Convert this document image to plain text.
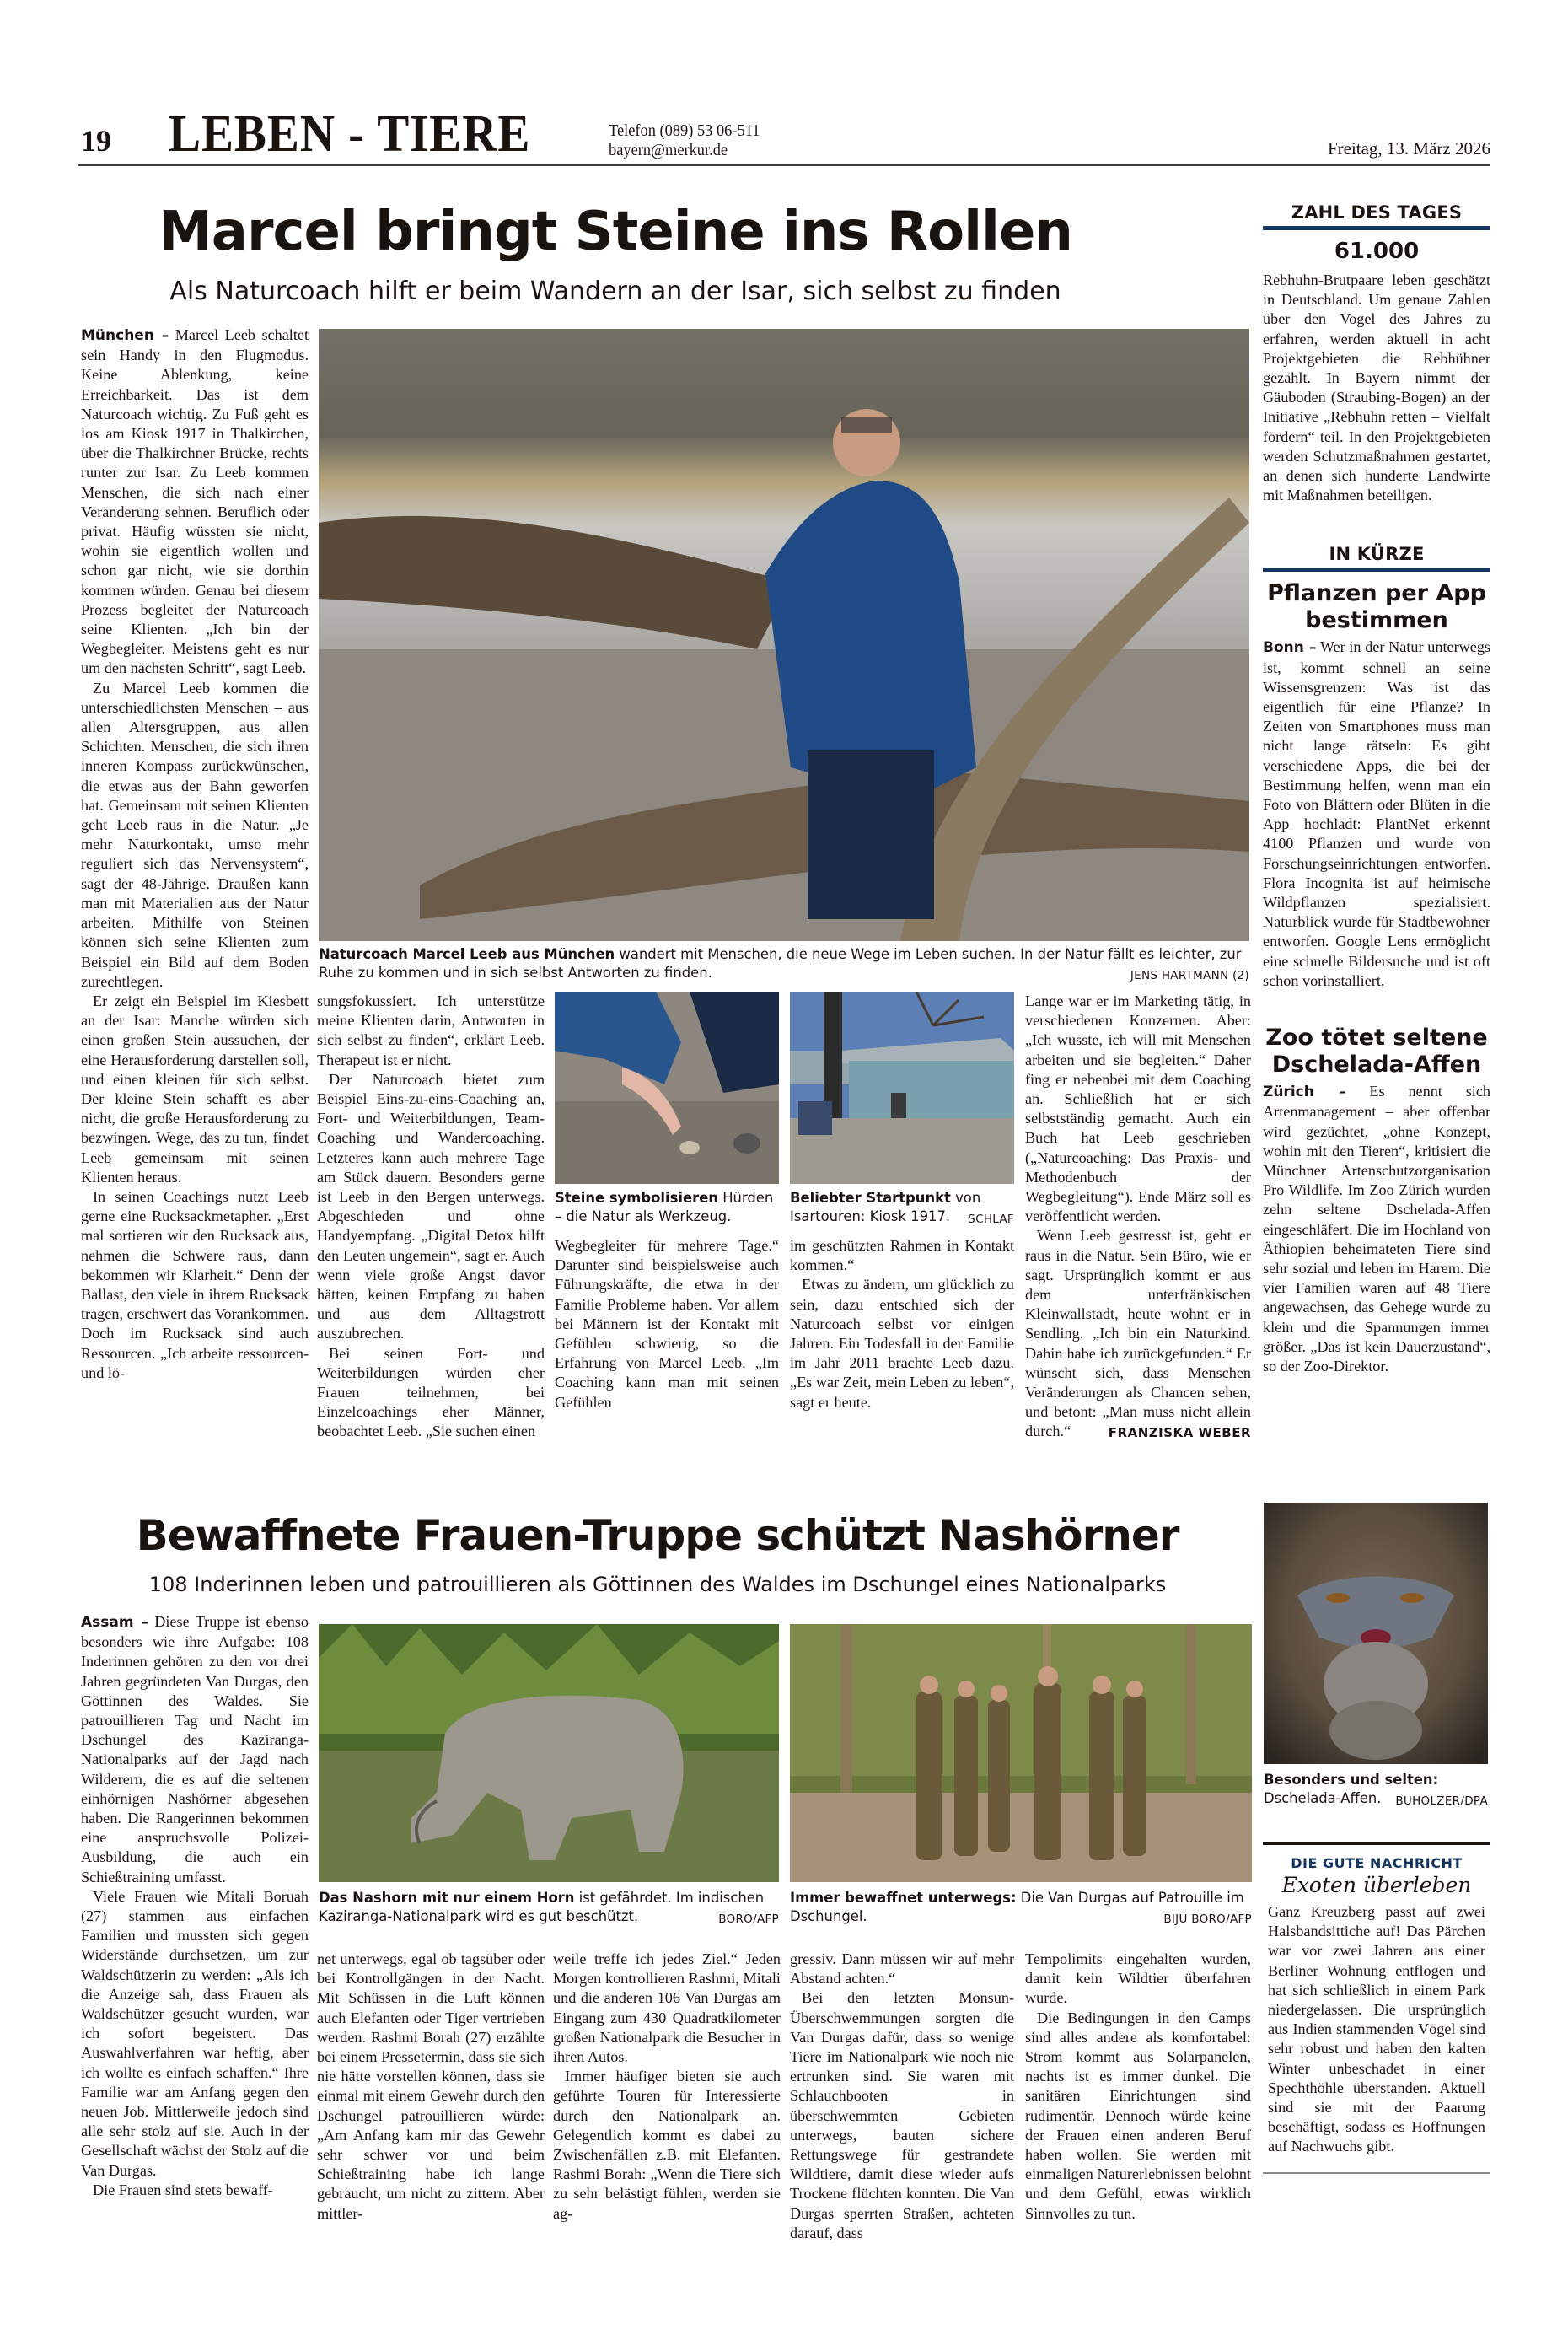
19 LEBEN - TIERE	Telefon (089) 53 06-511
bayern@merkur.de	Freitag, 13. März 2026
Marcel bringt Steine ins Rollen
Als Naturcoach hilft er beim Wandern an der Isar, sich selbst zu finden

München – Marcel Leeb schaltet sein Handy in den Flugmodus. Keine Ablenkung, keine Erreichbarkeit. Das ist dem Naturcoach wichtig. Zu Fuß geht es los am Kiosk 1917 in Thalkirchen, über die Thalkirchner Brücke, rechts runter zur Isar. Zu Leeb kommen Menschen, die sich nach einer Veränderung sehnen. Beruflich oder privat. Häufig wüssten sie nicht, wohin sie eigentlich wollen und schon gar nicht, wie sie dorthin kommen würden. Genau bei diesem Prozess begleitet der Naturcoach seine Klienten. „Ich bin der Wegbegleiter. Meistens geht es nur um den nächsten Schritt“, sagt Leeb.

Zu Marcel Leeb kommen die unterschiedlichsten Menschen – aus allen Altersgruppen, aus allen Schichten. Menschen, die sich ihren inneren Kompass zurückwünschen, die etwas aus der Bahn geworfen hat. Gemeinsam mit seinen Klienten geht Leeb raus in die Natur. „Je mehr Naturkontakt, umso mehr reguliert sich das Nervensystem“, sagt der 48-Jährige. Draußen kann man mit Materialien aus der Natur arbeiten. Mithilfe von Steinen können sich seine Klienten zum Beispiel ein Bild auf dem Boden zurechtlegen.

Er zeigt ein Beispiel im Kiesbett an der Isar: Manche würden sich einen großen Stein aussuchen, der eine Herausforderung darstellen soll, und einen kleinen für sich selbst. Der kleine Stein schafft es aber nicht, die große Herausforderung zu bezwingen. Wege, das zu tun, findet Leeb gemeinsam mit seinen Klienten heraus.

In seinen Coachings nutzt Leeb gerne eine Rucksackmetapher. „Erst mal sortieren wir den Rucksack aus, nehmen die Schwere raus, dann bekommen wir Klarheit.“ Denn der Ballast, den viele in ihrem Rucksack tragen, erschwert das Vorankommen. Doch im Rucksack sind auch Ressourcen. „Ich arbeite ressourcen- und lö-

Naturcoach Marcel Leeb aus München wandert mit Menschen, die neue Wege im Leben suchen. In der Natur fällt es leichter, zur Ruhe zu kommen und in sich selbst Antworten zu finden.	JENS HARTMANN (2)

sungsfokussiert. Ich unterstütze meine Klienten darin, Antworten in sich selbst zu finden“, erklärt Leeb. Therapeut ist er nicht.

Der Naturcoach bietet zum Beispiel Eins-zu-eins-Coaching an, Fort- und Weiterbildungen, Team-Coaching und Wandercoaching. Letzteres kann auch mehrere Tage am Stück dauern. Besonders gerne ist Leeb in den Bergen unterwegs. Abgeschieden und ohne Handyempfang. „Digital Detox hilft den Leuten ungemein“, sagt er. Auch wenn viele große Angst davor hätten, keinen Empfang zu haben und aus dem Alltagstrott auszubrechen.

Bei seinen Fort- und Weiterbildungen würden eher Frauen teilnehmen, bei Einzelcoachings eher Männer, beobachtet Leeb. „Sie suchen einen

Steine symbolisieren Hürden – die Natur als Werkzeug.

Wegbegleiter für mehrere Tage.“ Darunter sind beispielsweise auch Führungskräfte, die etwa in der Familie Probleme haben. Vor allem bei Männern ist der Kontakt mit Gefühlen schwierig, so die Erfahrung von Marcel Leeb. „Im Coaching kann man mit seinen Gefühlen

Beliebter Startpunkt von Isartouren: Kiosk 1917. SCHLAF

im geschützten Rahmen in Kontakt kommen.“

Etwas zu ändern, um glücklich zu sein, dazu entschied sich der Naturcoach selbst vor einigen Jahren. Ein Todesfall in der Familie im Jahr 2011 brachte Leeb dazu. „Es war Zeit, mein Leben zu leben“, sagt er heute.

Lange war er im Marketing tätig, in verschiedenen Konzernen. Aber: „Ich wusste, ich will mit Menschen arbeiten und sie begleiten.“ Daher fing er nebenbei mit dem Coaching an. Schließlich hat er sich selbstständig gemacht. Auch ein Buch hat Leeb geschrieben („Naturcoaching: Das Praxis- und Methodenbuch der Wegbegleitung“). Ende März soll es veröffentlicht werden.

Wenn Leeb gestresst ist, geht er raus in die Natur. Sein Büro, wie er sagt. Ursprünglich kommt er aus dem unterfränkischen Kleinwallstadt, heute wohnt er in Sendling. „Ich bin ein Naturkind. Dahin habe ich zurückgefunden.“ Er wünscht sich, dass Menschen Veränderungen als Chancen sehen, und betont: „Man muss nicht allein durch.“	FRANZISKA WEBER

Bewaffnete Frauen-Truppe schützt Nashörner
108 Inderinnen leben und patrouillieren als Göttinnen des Waldes im Dschungel eines Nationalparks

Assam – Diese Truppe ist ebenso besonders wie ihre Aufgabe: 108 Inderinnen gehören zu den vor drei Jahren gegründeten Van Durgas, den Göttinnen des Waldes. Sie patrouillieren Tag und Nacht im Dschungel des Kaziranga-Nationalparks auf der Jagd nach Wilderern, die es auf die seltenen einhörnigen Nashörner abgesehen haben. Die Rangerinnen bekommen eine anspruchsvolle Polizei-Ausbildung, die auch ein Schießtraining umfasst.

Viele Frauen wie Mitali Boruah (27) stammen aus einfachen Familien und mussten sich gegen Widerstände durchsetzen, um zur Waldschützerin zu werden: „Als ich die Anzeige sah, dass Frauen als Waldschützer gesucht wurden, war ich sofort begeistert. Das Auswahlverfahren war heftig, aber ich wollte es einfach schaffen.“ Ihre Familie war am Anfang gegen den neuen Job. Mittlerweile jedoch sind alle sehr stolz auf sie. Auch in der Gesellschaft wächst der Stolz auf die Van Durgas.

Die Frauen sind stets bewaff-

Das Nashorn mit nur einem Horn ist gefährdet. Im indischen Kaziranga-Nationalpark wird es gut beschützt.	BORO/AFP
Immer bewaffnet unterwegs: Die Van Durgas auf Patrouille im Dschungel.	BIJU BORO/AFP

net unterwegs, egal ob tagsüber oder bei Kontrollgängen in der Nacht. Mit Schüssen in die Luft können auch Elefanten oder Tiger vertrieben werden. Rashmi Borah (27) erzählte bei einem Pressetermin, dass sie sich nie hätte vorstellen können, dass sie einmal mit einem Gewehr durch den Dschungel patrouillieren würde: „Am Anfang kam mir das Gewehr sehr schwer vor und beim Schießtraining habe ich lange gebraucht, um nicht zu zittern. Aber mittler-

weile treffe ich jedes Ziel.“ Jeden Morgen kontrollieren Rashmi, Mitali und die anderen 106 Van Durgas am Eingang zum 430 Quadratkilometer großen Nationalpark die Besucher in ihren Autos.

Immer häufiger bieten sie auch geführte Touren für Interessierte durch den Nationalpark an. Gelegentlich kommt es dabei zu Zwischenfällen z.B. mit Elefanten. Rashmi Borah: „Wenn die Tiere sich zu sehr belästigt fühlen, werden sie ag-

gressiv. Dann müssen wir auf mehr Abstand achten.“

Bei den letzten Monsun-Überschwemmungen sorgten die Van Durgas dafür, dass so wenige Tiere im Nationalpark wie noch nie ertrunken sind. Sie waren mit Schlauchbooten in überschwemmten Gebieten unterwegs, bauten sichere Rettungswege für gestrandete Wildtiere, damit diese wieder aufs Trockene flüchten konnten. Die Van Durgas sperrten Straßen, achteten darauf, dass

Tempolimits eingehalten wurden, damit kein Wildtier überfahren wurde.

Die Bedingungen in den Camps sind alles andere als komfortabel: Strom kommt aus Solarpanelen, nachts ist es immer dunkel. Die sanitären Einrichtungen sind rudimentär. Dennoch würde keine der Frauen einen anderen Beruf haben wollen. Sie werden mit einmaligen Naturerlebnissen belohnt und dem Gefühl, etwas wirklich Sinnvolles zu tun.

ZAHL DES TAGES
61.000
Rebhuhn-Brutpaare leben geschätzt in Deutschland. Um genaue Zahlen über den Vogel des Jahres zu erfahren, werden aktuell in acht Projektgebieten die Rebhühner gezählt. In Bayern nimmt der Gäuboden (Straubing-Bogen) an der Initiative „Rebhuhn retten – Vielfalt fördern“ teil. In den Projektgebieten werden Schutzmaßnahmen gestartet, an denen sich hunderte Landwirte mit Maßnahmen beteiligen.
IN KÜRZE
Pflanzen per App bestimmen
Bonn – Wer in der Natur unterwegs ist, kommt schnell an seine Wissensgrenzen: Was ist das eigentlich für eine Pflanze? In Zeiten von Smartphones muss man nicht lange rätseln: Es gibt verschiedene Apps, die bei der Bestimmung helfen, wenn man ein Foto von Blättern oder Blüten in die App hochlädt: PlantNet erkennt 4100 Pflanzen und wurde von Forschungseinrichtungen entworfen. Flora Incognita ist auf heimische Wildpflanzen spezialisiert. Naturblick wurde für Stadtbewohner entworfen. Google Lens ermöglicht eine schnelle Bildersuche und ist oft schon vorinstalliert.
Zoo tötet seltene Dschelada-Affen
Zürich – Es nennt sich Artenmanagement – aber offenbar wird gezüchtet, „ohne Konzept, wohin mit den Tieren“, kritisiert die Münchner Artenschutzorganisation Pro Wildlife. Im Zoo Zürich wurden zehn seltene Dschelada-Affen eingeschläfert. Die im Hochland von Äthiopien beheimateten Tiere sind sehr sozial und leben im Harem. Die vier Familien waren auf 48 Tiere angewachsen, das Gehege wurde zu klein und die Spannungen immer größer. „Das ist kein Dauerzustand“, so der Zoo-Direktor.
Besonders und selten: Dschelada-Affen. BUHOLZER/DPA
DIE GUTE NACHRICHT
Exoten überleben
Ganz Kreuzberg passt auf zwei Halsbandsittiche auf! Das Pärchen war vor zwei Jahren aus einer Berliner Wohnung entflogen und hat sich schließlich in einem Park niedergelassen. Die ursprünglich aus Indien stammenden Vögel sind sehr robust und haben den kalten Winter unbeschadet in einer Spechthöhle überstanden. Aktuell sind sie mit der Paarung beschäftigt, sodass es Hoffnungen auf Nachwuchs gibt.
